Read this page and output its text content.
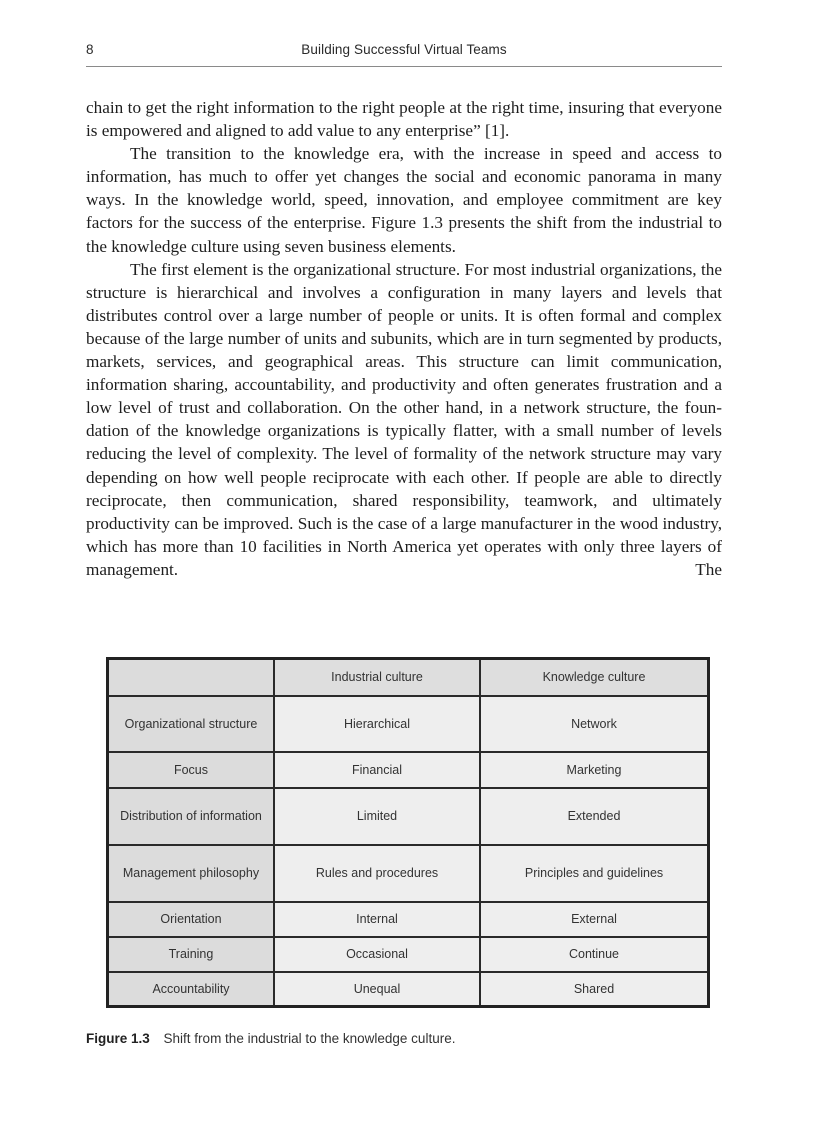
8	Building Successful Virtual Teams

chain to get the right information to the right people at the right time, insuring that everyone is empowered and aligned to add value to any enterprise” [1].

The transition to the knowledge era, with the increase in speed and access to information, has much to offer yet changes the social and economic panorama in many ways. In the knowledge world, speed, innovation, and employee commitment are key factors for the success of the enterprise. Figure 1.3 presents the shift from the industrial to the knowledge culture using seven business elements.

The first element is the organizational structure. For most industrial organizations, the structure is hierarchical and involves a configuration in many layers and levels that distributes control over a large number of people or units. It is often formal and complex because of the large number of units and subunits, which are in turn segmented by products, markets, services, and geographical areas. This structure can limit communication, information sharing, accountability, and productivity and often generates frustration and a low level of trust and collaboration. On the other hand, in a network structure, the foundation of the knowledge organizations is typically flatter, with a small number of levels reducing the level of complexity. The level of formality of the network structure may vary depending on how well people reciprocate with each other. If people are able to directly reciprocate, then communication, shared responsibility, teamwork, and ultimately productivity can be improved. Such is the case of a large manufacturer in the wood industry, which has more than 10 facilities in North America yet operates with only three layers of management. The

	Industrial culture	Knowledge culture
Organizational structure	Hierarchical	Network
Focus	Financial	Marketing
Distribution of information	Limited	Extended
Management philosophy	Rules and procedures	Principles and guidelines
Orientation	Internal	External
Training	Occasional	Continue
Accountability	Unequal	Shared
Figure 1.3 Shift from the industrial to the knowledge culture.
